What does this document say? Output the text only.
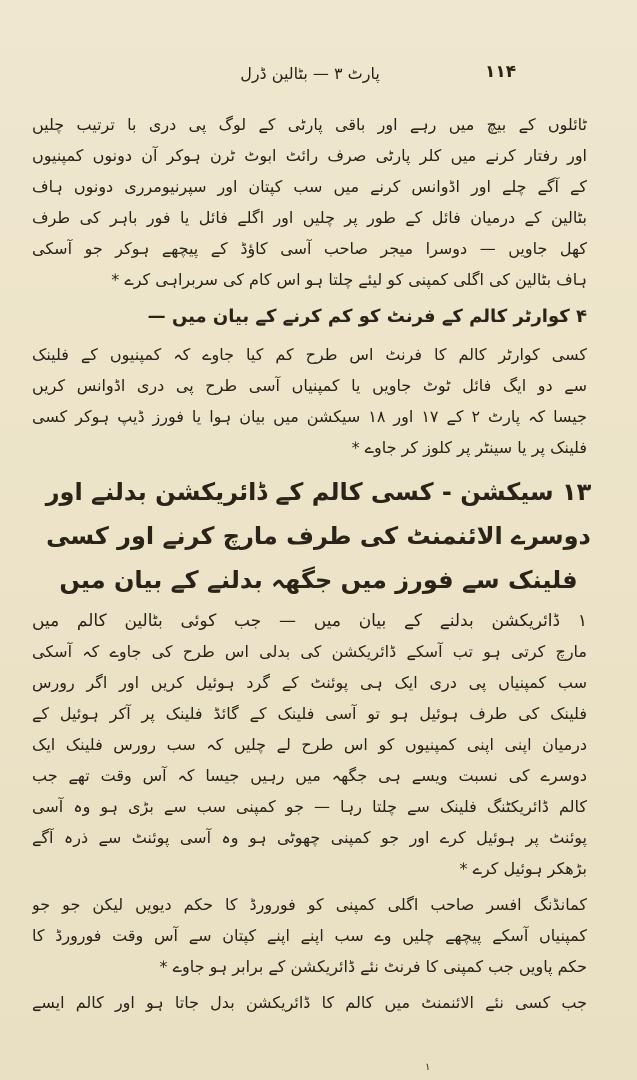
پارٹ ۳ — بٹالین ڈرل	۱۱۴
ٹائلوں کے بیچ میں رہے اور باقی پارٹی کے لوگ پی دری با ترتیب چلیں
اور رفتار کرنے میں کلر پارٹی صرف رائٹ ابوٹ ٹرن ہوکر آن دونوں کمپنیوں
کے آگے چلے اور اڈوانس کرنے میں سب کپتان اور سپرنیومرری دونوں ہاف
بٹالین کے درمیان فائل کے طور پر چلیں اور اگلے فائل یا فور باہر کی طرف
کھل جاویں — دوسرا میجر صاحب آسی کاؤڈ کے پیچھے ہوکر جو آسکی
ہاف بٹالین کی اگلی کمپنی کو لیئے چلتا ہو اس کام کی سربراہی کرے *
۴ کوارٹر کالم کے فرنٹ کو کم کرنے کے بیان میں —
کسی کوارٹر کالم کا فرنٹ اس طرح کم کیا جاوے کہ کمپنیوں کے فلینک
سے دو ایگ فائل ٹوٹ جاویں یا کمپنیاں آسی طرح پی دری اڈوانس کریں
جیسا کہ پارٹ ۲ کے ۱۷ اور ۱۸ سیکشن میں بیان ہوا یا فورز ڈیپ ہوکر کسی
فلینک پر یا سینٹر پر کلوز کر جاوے *
۱۳ سیکشن - کسی کالم کے ڈائریکشن بدلنے اور
دوسرے الائنمنٹ کی طرف مارچ کرنے اور کسی
فلینک سے فورز میں جگھہ بدلنے کے بیان میں
۱ ڈائریکشن بدلنے کے بیان میں — جب کوئی بٹالین کالم میں
مارچ کرتی ہو تب آسکے ڈائریکشن کی بدلی اس طرح کی جاوے کہ آسکی
سب کمپنیاں پی دری ایک ہی پوئنٹ کے گرد ہوئیل کریں اور اگر رورس
فلینک کی طرف ہوئیل ہو تو آسی فلینک کے گائڈ فلینک پر آکر ہوئیل کے
درمیان اپنی اپنی کمپنیوں کو اس طرح لے چلیں کہ سب رورس فلینک ایک
دوسرے کی نسبت ویسے ہی جگھہ میں رہیں جیسا کہ آس وقت تھے جب
کالم ڈائریکٹنگ فلینک سے چلتا رہا — جو کمپنی سب سے بڑی ہو وہ آسی
پوئنٹ پر ہوئیل کرے اور جو کمپنی چھوٹی ہو وہ آسی پوئنٹ سے ذرہ آگے
بڑھکر ہوئیل کرے *
کمانڈنگ افسر صاحب اگلی کمپنی کو فورورڈ کا حکم دیویں لیکن جو جو
کمپنیاں آسکے پیچھے چلیں وے سب اپنے اپنے کپتان سے آس وقت فورورڈ کا
حکم پاویں جب کمپنی کا فرنٹ نئے ڈائریکشن کے برابر ہو جاوے *
جب کسی نئے الائنمنٹ میں کالم کا ڈائریکشن بدل جاتا ہو اور کالم ایسے
۱
